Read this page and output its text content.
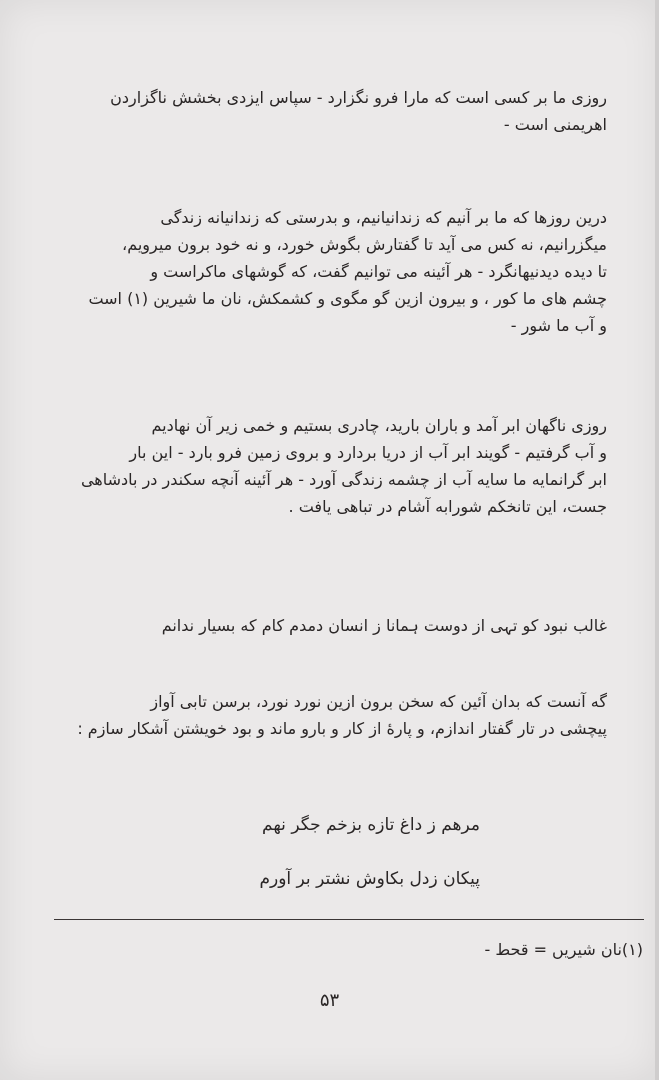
روزی ما بر کسی است که مارا فرو نگزارد - سپاس ایزدی بخشش ناگزاردن
اهریمنی است -
درین روزها که ما بر آنیم که زندانیانیم، و بدرستی که زندانیانه زندگی
میگزرانیم، نه کس می آید تا گفتارش بگوش خورد، و نه خود برون میرویم،
تا دیده دیدنیهانگرد - هر آئینه می توانیم گفت، که گوشهای ماکراست و
چشم های ما کور ، و بیرون ازین گو مگوی و کشمکش، نان ما شیرین (۱) است
و آب ما شور -
روزی ناگهان ابر آمد و باران بارید، چادری بستیم و خمی زیر آن نهادیم
و آب گرفتیم - گویند ابر آب از دریا بردارد و بروی زمین فرو بارد - این بار
ابر گرانمایه ما سایه آب از چشمه زندگی آورد - هر آئینه آنچه سکندر در بادشاهی
جست، این تانخکم شورابه آشام در تباهی یافت .
غالب نبود کو تہی از دوست ہمانا ز انسان دمدم کام که بسیار ندانم
گه آنست که بدان آئین که سخن برون ازین نورد نورد، برسن تابی آواز
پیچشی در تار گفتار اندازم، و پارهٔ از کار و بارو ماند و بود خویشتن آشکار سازم :
مرهم ز داغ تازه بزخم جگر نهم
پیکان زدل بکاوش نشتر بر آورم
(۱)نان شیریں = قحط -
۵۳
